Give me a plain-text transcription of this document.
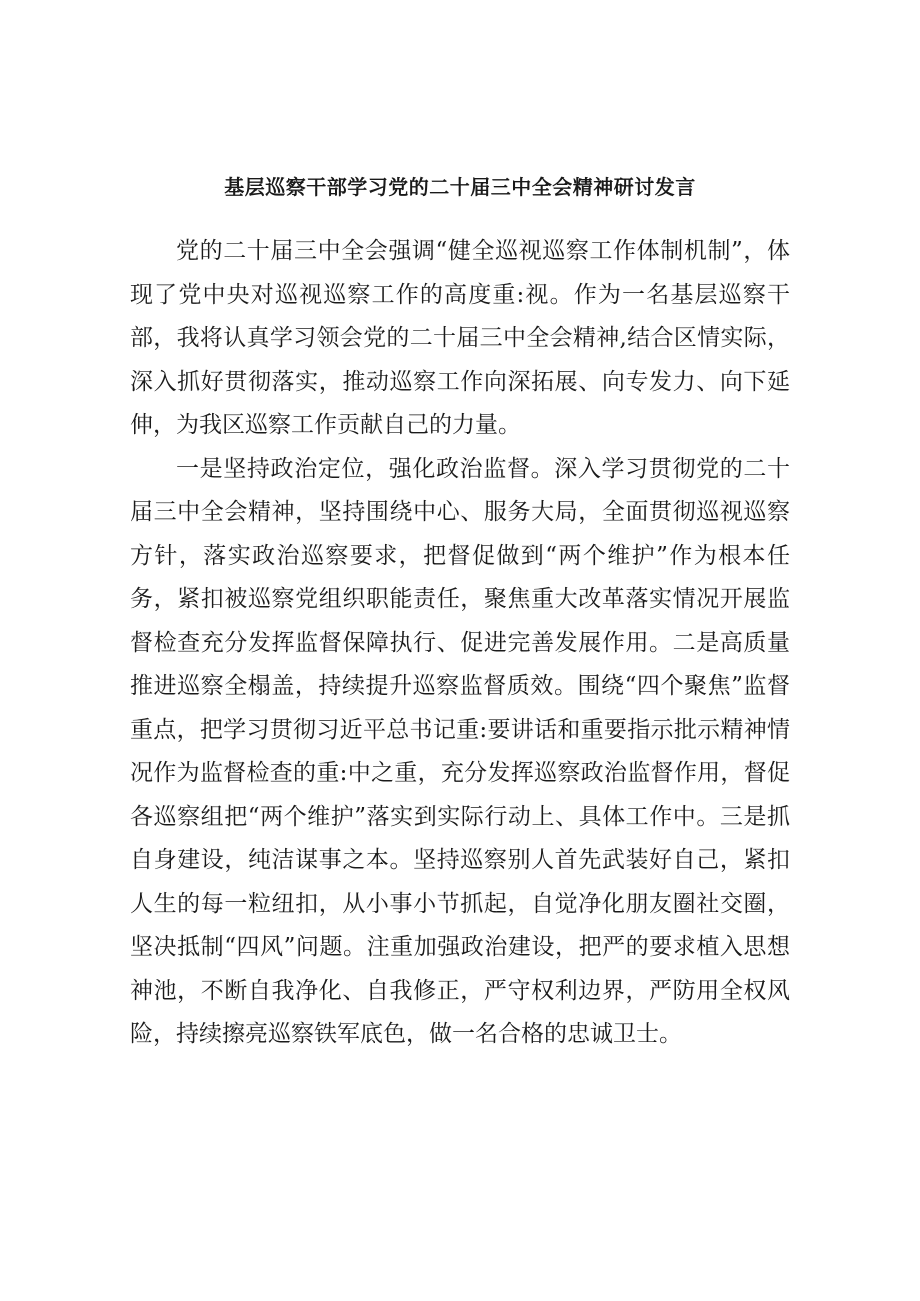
基层巡察干部学习党的二十届三中全会精神研讨发言

党的二十届三中全会强调“健全巡视巡察工作体制机制”，体现了党中央对巡视巡察工作的高度重:视。作为一名基层巡察干部，我将认真学习领会党的二十届三中全会精神,结合区情实际，深入抓好贯彻落实，推动巡察工作向深拓展、向专发力、向下延伸，为我区巡察工作贡献自己的力量。

一是坚持政治定位，强化政治监督。深入学习贯彻党的二十届三中全会精神，坚持围绕中心、服务大局，全面贯彻巡视巡察方针，落实政治巡察要求，把督促做到“两个维护”作为根本任务，紧扣被巡察党组织职能责任，聚焦重大改革落实情况开展监督检查充分发挥监督保障执行、促进完善发展作用。二是高质量推进巡察全榻盖，持续提升巡察监督质效。围绕“四个聚焦”监督重点，把学习贯彻习近平总书记重:要讲话和重要指示批示精神情况作为监督检查的重:中之重，充分发挥巡察政治监督作用，督促各巡察组把“两个维护”落实到实际行动上、具体工作中。三是抓自身建设，纯洁谋事之本。坚持巡察别人首先武装好自己，紧扣人生的每一粒纽扣，从小事小节抓起，自觉净化朋友圈社交圈，坚决抵制“四风”问题。注重加强政治建设，把严的要求植入思想神池，不断自我净化、自我修正，严守权利边界，严防用全权风险，持续擦亮巡察铁军底色，做一名合格的忠诚卫士。
